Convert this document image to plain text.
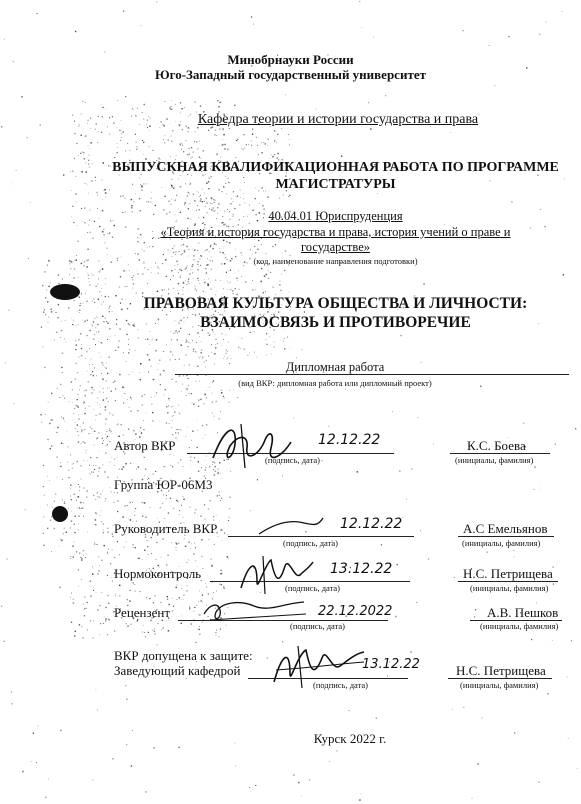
Минобрнауки России
Юго-Западный государственный университет
Кафедра теории и истории государства и права
ВЫПУСКНАЯ КВАЛИФИКАЦИОННАЯ РАБОТА ПО ПРОГРАММЕ
МАГИСТРАТУРЫ
40.04.01 Юриспруденция
«Теория и история государства и права, история учений о праве и
государстве»
(код, наименование направления подготовки)
ПРАВОВАЯ КУЛЬТУРА ОБЩЕСТВА И ЛИЧНОСТИ:
ВЗАИМОСВЯЗЬ И ПРОТИВОРЕЧИЕ
Дипломная работа
(вид ВКР: дипломная работа или дипломный проект)
Автор ВКР	12.12.22
(подпись, дата)
К.С. Боева
(инициалы, фамилия)
Группа ЮР-06М3
Руководитель ВКР	12.12.22
(подпись, дата)
А.С Емельянов
(инициалы, фамилия)
Нормоконтроль	13.12.22
(подпись, дата)
Н.С. Петрищева
(инициалы, фамилия)
Рецензент	22.12.2022
(подпись, дата)
А.В. Пешков
(инициалы, фамилия)
ВКР допущена к защите:
Заведующий кафедрой	13.12.22
(подпись, дата)
Н.С. Петрищева
(инициалы, фамилия)
Курск 2022 г.
